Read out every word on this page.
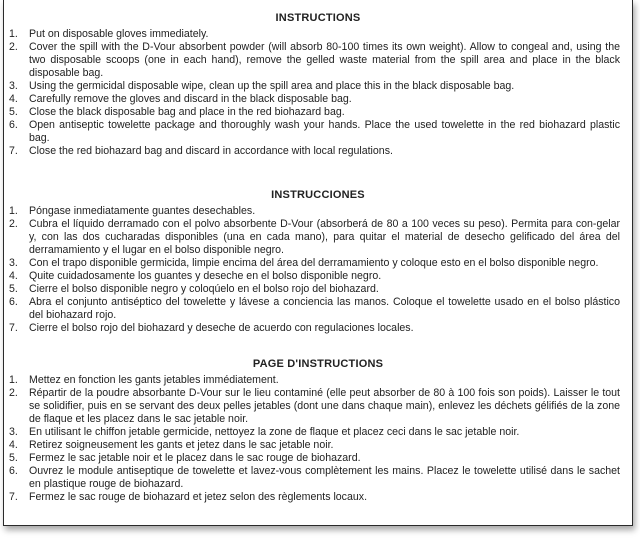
INSTRUCTIONS
1. Put on disposable gloves immediately.
2. Cover the spill with the D-Vour absorbent powder (will absorb 80-100 times its own weight). Allow to congeal and, using the two disposable scoops (one in each hand), remove the gelled waste material from the spill area and place in the black disposable bag.
3. Using the germicidal disposable wipe, clean up the spill area and place this in the black disposable bag.
4. Carefully remove the gloves and discard in the black disposable bag.
5. Close the black disposable bag and place in the red biohazard bag.
6. Open antiseptic towelette package and thoroughly wash your hands. Place the used towelette in the red biohazard plastic bag.
7. Close the red biohazard bag and discard in accordance with local regulations.
INSTRUCCIONES
1. Póngase inmediatamente guantes desechables.
2. Cubra el líquido derramado con el polvo absorbente D-Vour (absorberá de 80 a 100 veces su peso). Permita para con-gelar y, con las dos cucharadas disponibles (una en cada mano), para quitar el material de desecho gelificado del área del derramamiento y el lugar en el bolso disponible negro.
3. Con el trapo disponible germicida, limpie encima del área del derramamiento y coloque esto en el bolso disponible negro.
4. Quite cuidadosamente los guantes y deseche en el bolso disponible negro.
5. Cierre el bolso disponible negro y coloqúelo en el bolso rojo del biohazard.
6. Abra el conjunto antiséptico del towelette y lávese a conciencia las manos. Coloque el towelette usado en el bolso plástico del biohazard rojo.
7. Cierre el bolso rojo del biohazard y deseche de acuerdo con regulaciones locales.
PAGE D'INSTRUCTIONS
1. Mettez en fonction les gants jetables immédiatement.
2. Répartir de la poudre absorbante D-Vour sur le lieu contaminé (elle peut absorber de 80 à 100 fois son poids). Laisser le tout se solidifier, puis en se servant des deux pelles jetables (dont une dans chaque main), enlevez les déchets gélifiés de la zone de flaque et les placez dans le sac jetable noir.
3. En utilisant le chiffon jetable germicide, nettoyez la zone de flaque et placez ceci dans le sac jetable noir.
4. Retirez soigneusement les gants et jetez dans le sac jetable noir.
5. Fermez le sac jetable noir et le placez dans le sac rouge de biohazard.
6. Ouvrez le module antiseptique de towelette et lavez-vous complètement les mains. Placez le towelette utilisé dans le sachet en plastique rouge de biohazard.
7. Fermez le sac rouge de biohazard et jetez selon des règlements locaux.
